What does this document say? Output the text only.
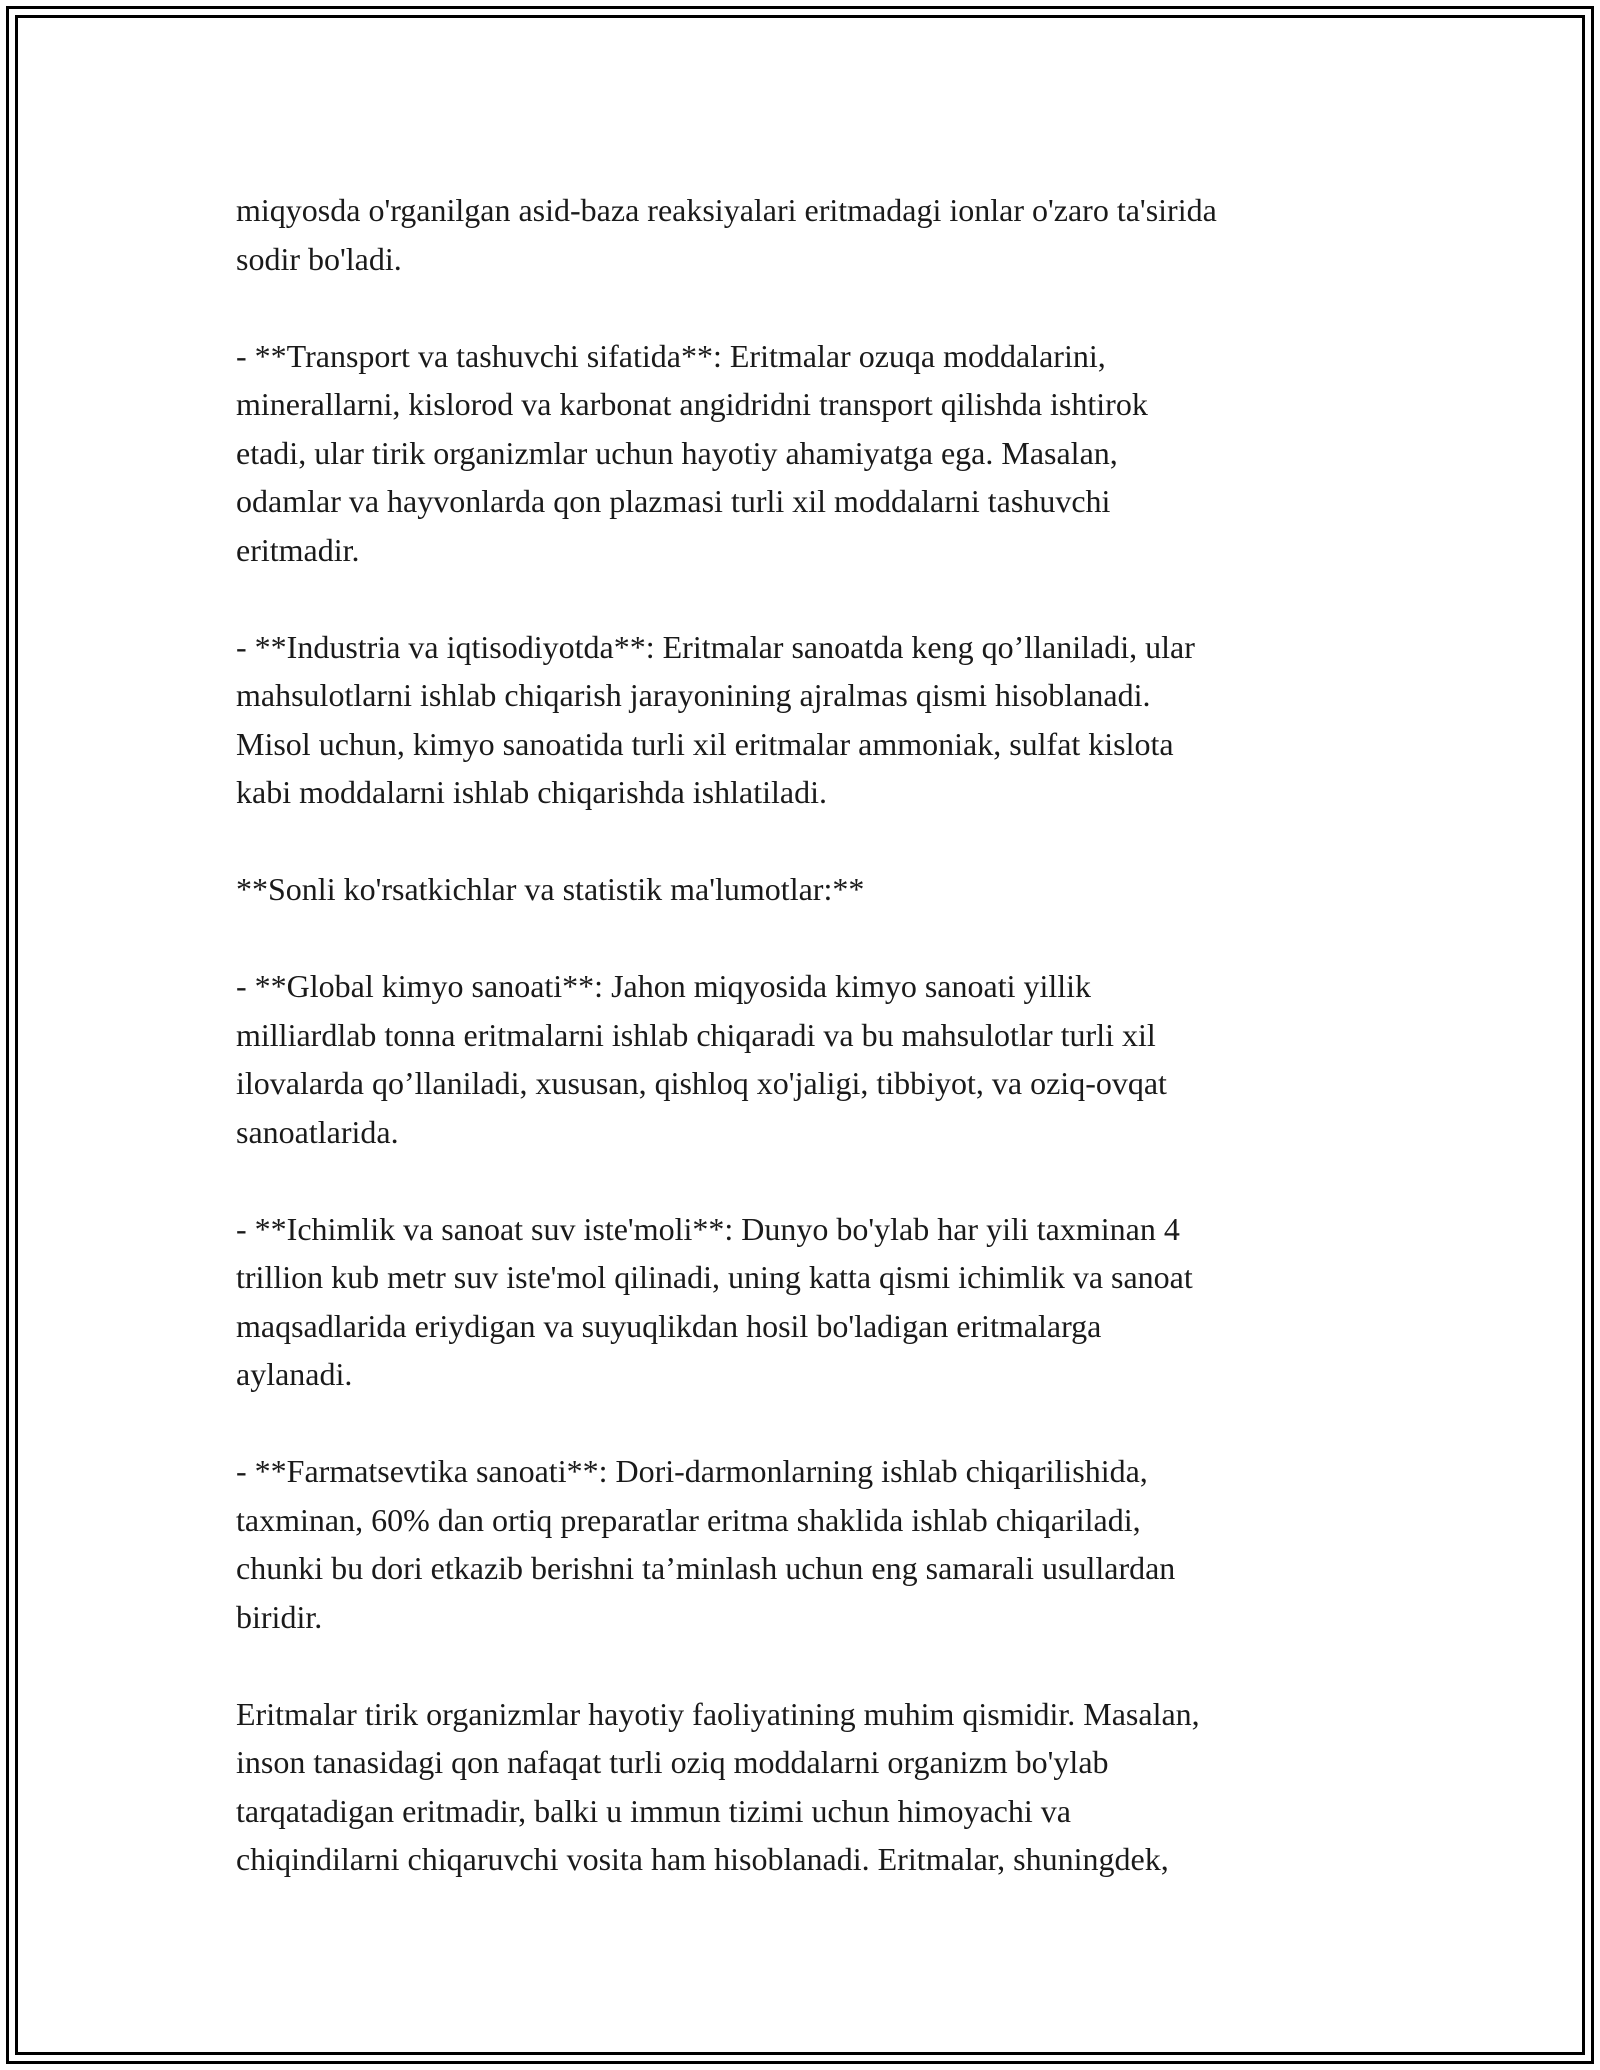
miqyosda o'rganilgan asid-baza reaksiyalari eritmadagi ionlar o'zaro ta'sirida
sodir bo'ladi.

- **Transport va tashuvchi sifatida**: Eritmalar ozuqa moddalarini,
minerallarni, kislorod va karbonat angidridni transport qilishda ishtirok
etadi, ular tirik organizmlar uchun hayotiy ahamiyatga ega. Masalan,
odamlar va hayvonlarda qon plazmasi turli xil moddalarni tashuvchi
eritmadir.

- **Industria va iqtisodiyotda**: Eritmalar sanoatda keng qo’llaniladi, ular
mahsulotlarni ishlab chiqarish jarayonining ajralmas qismi hisoblanadi.
Misol uchun, kimyo sanoatida turli xil eritmalar ammoniak, sulfat kislota
kabi moddalarni ishlab chiqarishda ishlatiladi.

**Sonli ko'rsatkichlar va statistik ma'lumotlar:**

- **Global kimyo sanoati**: Jahon miqyosida kimyo sanoati yillik
milliardlab tonna eritmalarni ishlab chiqaradi va bu mahsulotlar turli xil
ilovalarda qo’llaniladi, xususan, qishloq xo'jaligi, tibbiyot, va oziq-ovqat
sanoatlarida.

- **Ichimlik va sanoat suv iste'moli**: Dunyo bo'ylab har yili taxminan 4
trillion kub metr suv iste'mol qilinadi, uning katta qismi ichimlik va sanoat
maqsadlarida eriydigan va suyuqlikdan hosil bo'ladigan eritmalarga
aylanadi.

- **Farmatsevtika sanoati**: Dori-darmonlarning ishlab chiqarilishida,
taxminan, 60% dan ortiq preparatlar eritma shaklida ishlab chiqariladi,
chunki bu dori etkazib berishni ta’minlash uchun eng samarali usullardan
biridir.

Eritmalar tirik organizmlar hayotiy faoliyatining muhim qismidir. Masalan,
inson tanasidagi qon nafaqat turli oziq moddalarni organizm bo'ylab
tarqatadigan eritmadir, balki u immun tizimi uchun himoyachi va
chiqindilarni chiqaruvchi vosita ham hisoblanadi. Eritmalar, shuningdek,
